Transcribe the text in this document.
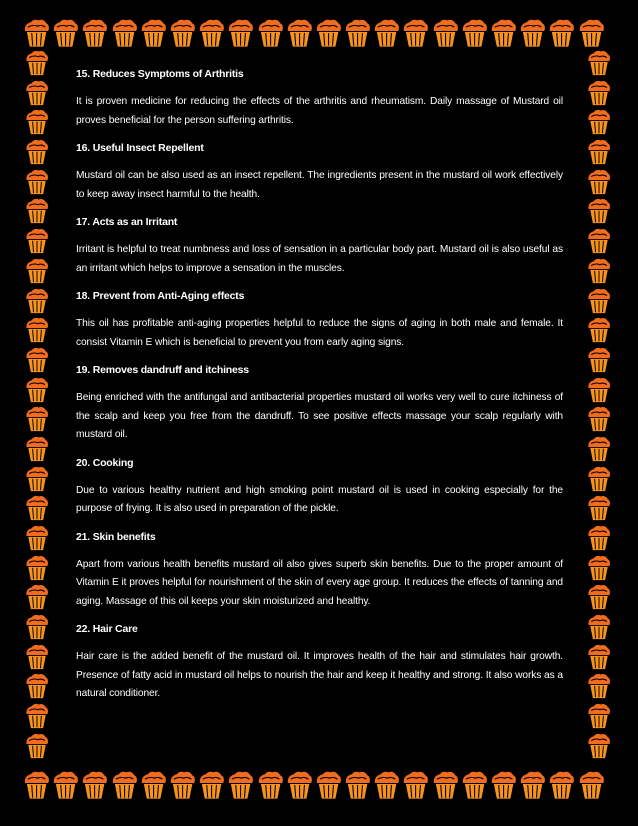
15. Reduces Symptoms of Arthritis

It is proven medicine for reducing the effects of the arthritis and rheumatism. Daily massage of Mustard oil proves beneficial for the person suffering arthritis.

16. Useful Insect Repellent

Mustard oil can be also used as an insect repellent. The ingredients present in the mustard oil work effectively to keep away insect harmful to the health.

17. Acts as an Irritant

Irritant is helpful to treat numbness and loss of sensation in a particular body part. Mustard oil is also useful as an irritant which helps to improve a sensation in the muscles.

18. Prevent from Anti-Aging effects

This oil has profitable anti-aging properties helpful to reduce the signs of aging in both male and female. It consist Vitamin E which is beneficial to prevent you from early aging signs.

19. Removes dandruff and itchiness

Being enriched with the antifungal and antibacterial properties mustard oil works very well to cure itchiness of the scalp and keep you free from the dandruff. To see positive effects massage your scalp regularly with mustard oil.

20. Cooking

Due to various healthy nutrient and high smoking point mustard oil is used in cooking especially for the purpose of frying. It is also used in preparation of the pickle.

21. Skin benefits

Apart from various health benefits mustard oil also gives superb skin benefits. Due to the proper amount of Vitamin E it proves helpful for nourishment of the skin of every age group. It reduces the effects of tanning and aging. Massage of this oil keeps your skin moisturized and healthy.

22. Hair Care

Hair care is the added benefit of the mustard oil. It improves health of the hair and stimulates hair growth. Presence of fatty acid in mustard oil helps to nourish the hair and keep it healthy and strong. It also works as a natural conditioner.
